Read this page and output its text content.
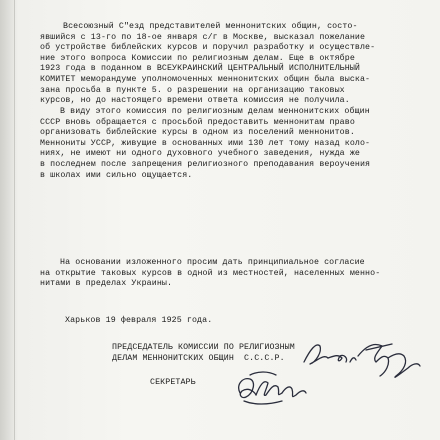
Всесоюзный С"езд представителей меннонитских общин, состо-
явшийся с 13-го по 18-ое января с/г в Москве, высказал пожелание
об устройстве библейских курсов и поручил разработку и осуществле-
ние этого вопроса Комиссии по религиозным делам. Еще в октябре
1923 года в поданном в ВСЕУКРАИНСКИЙ ЦЕНТРАЛЬНЫЙ ИСПОЛНИТЕЛЬНЫЙ
КОМИТЕТ меморандуме уполномоченных меннонитских общин была выска-
зана просьба в пункте 5. о разрешении на организацию таковых
курсов, но до настоящего времени ответа комиссия не получила.
В виду этого комиссия по религиозным делам меннонитских общин
СССР вновь обращается с просьбой предоставить меннонитам право
организовать библейские курсы в одном из поселений меннонитов.
Меннониты УССР, живущие в основанных ими 130 лет тому назад коло-
ниях, не имеют ни одного духовного учебного заведения, нужда же
в последнем после запрещения религиозного преподавания вероучения
в школах ими сильно ощущается.
На основании изложенного просим дать принципиальное согласие
на открытие таковых курсов в одной из местностей, населенных менно-
нитами в пределах Украины.
Харьков 19 февраля 1925 года.
ПРЕДСЕДАТЕЛЬ КОМИССИИ ПО РЕЛИГИОЗНЫМ
ДЕЛАМ МЕННОНИТСКИХ ОБЩИН  С.С.С.Р.
СЕКРЕТАРЬ
